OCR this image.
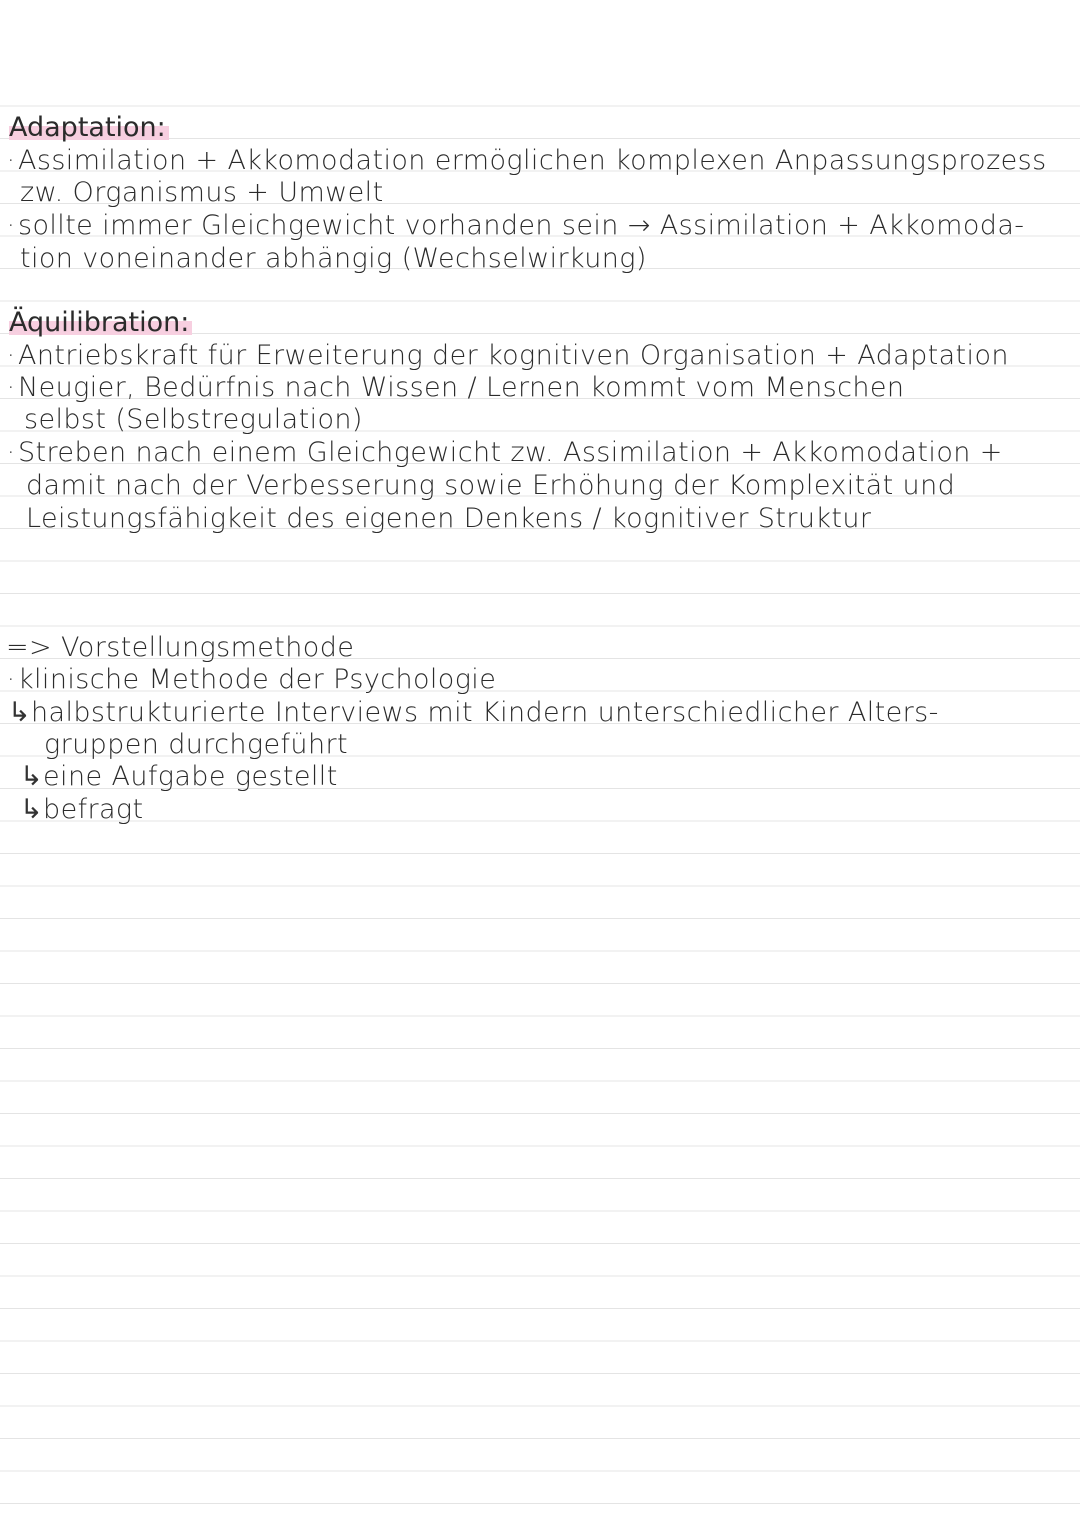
Adaptation:
·Assimilation + Akkomodation ermöglichen komplexen Anpassungsprozess
zw. Organismus + Umwelt
·sollte immer Gleichgewicht vorhanden sein → Assimilation + Akkomoda-
tion voneinander abhängig (Wechselwirkung)
Äquilibration:
·Antriebskraft für Erweiterung der kognitiven Organisation + Adaptation
·Neugier, Bedürfnis nach Wissen / Lernen kommt vom Menschen
selbst (Selbstregulation)
·Streben nach einem Gleichgewicht zw. Assimilation + Akkomodation +
damit nach der Verbesserung sowie Erhöhung der Komplexität und
Leistungsfähigkeit des eigenen Denkens / kognitiver Struktur
=> Vorstellungsmethode
·klinische Methode der Psychologie
↳halbstrukturierte Interviews mit Kindern unterschiedlicher Alters-
gruppen durchgeführt
↳eine Aufgabe gestellt
↳befragt
